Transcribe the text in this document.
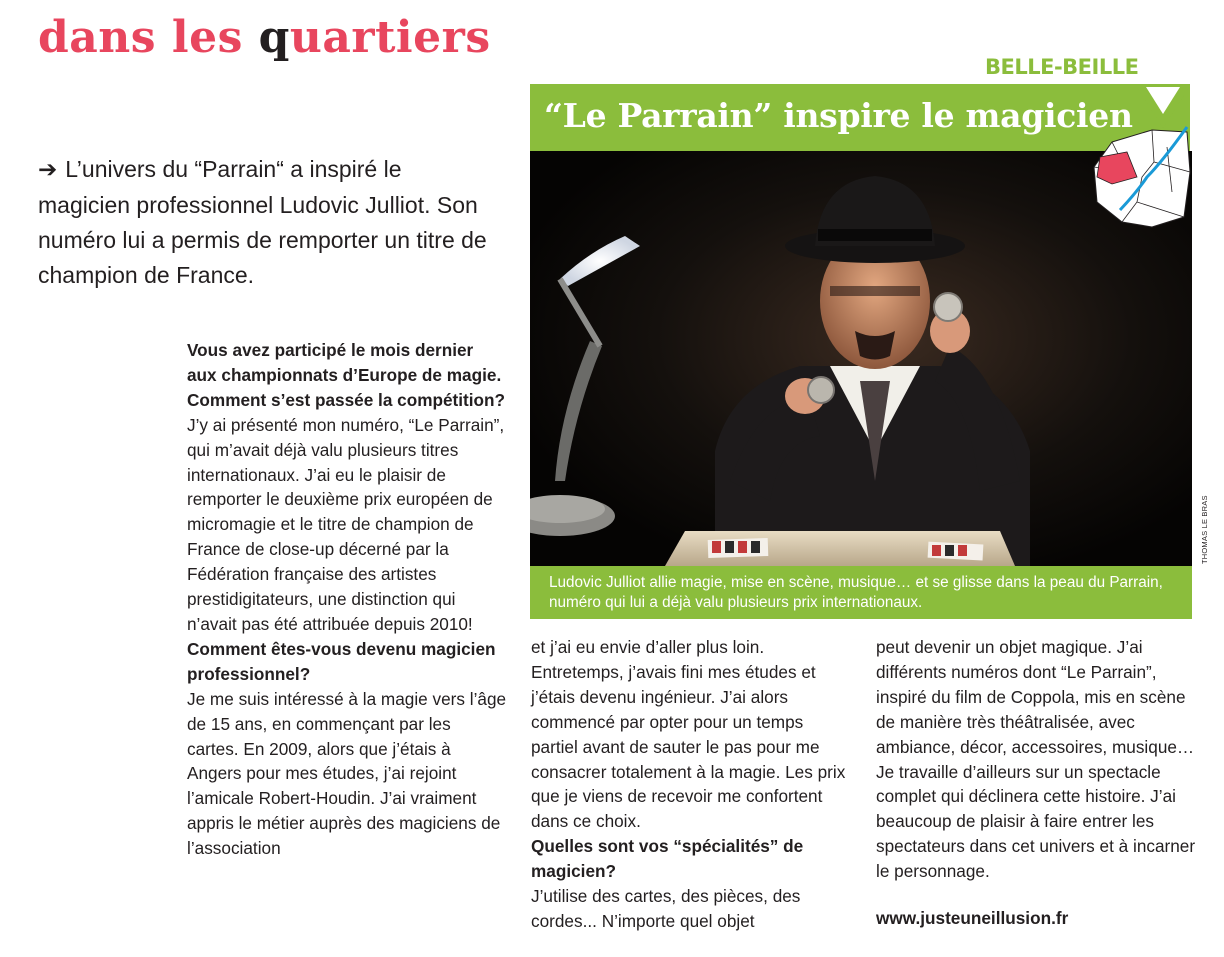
dans les quartiers

➔ L’univers du “Parrain“ a inspiré le magicien professionnel Ludovic Julliot. Son numéro lui a permis de remporter un titre de champion de France.

BELLE-BEILLE
“Le Parrain” inspire le magicien
THOMAS LE BRAS
Ludovic Julliot allie magie, mise en scène, musique… et se glisse dans la peau du Parrain, numéro qui lui a déjà valu plusieurs prix internationaux.

Vous avez participé le mois dernier aux championnats d’Europe de magie. Comment s’est passée la compétition?

J’y ai présenté mon numéro, “Le Parrain”, qui m’avait déjà valu plusieurs titres internationaux. J’ai eu le plaisir de remporter le deuxième prix européen de micromagie et le titre de champion de France de close-up décerné par la Fédération française des artistes prestidigitateurs, une distinction qui n’avait pas été attribuée depuis 2010!

Comment êtes-vous devenu magicien professionnel?

Je me suis intéressé à la magie vers l’âge de 15 ans, en commençant par les cartes. En 2009, alors que j’étais à Angers pour mes études, j’ai rejoint l’amicale Robert-Houdin. J’ai vraiment appris le métier auprès des magiciens de l’association

et j’ai eu envie d’aller plus loin. Entretemps, j’avais fini mes études et j’étais devenu ingénieur. J’ai alors commencé par opter pour un temps partiel avant de sauter le pas pour me consacrer totalement à la magie. Les prix que je viens de recevoir me confortent dans ce choix.

Quelles sont vos “spécialités” de magicien?

J’utilise des cartes, des pièces, des cordes... N’importe quel objet

peut devenir un objet magique. J’ai différents numéros dont “Le Parrain”, inspiré du film de Coppola, mis en scène de manière très théâtralisée, avec ambiance, décor, accessoires, musique… Je travaille d’ailleurs sur un spectacle complet qui déclinera cette histoire. J’ai beaucoup de plaisir à faire entrer les spectateurs dans cet univers et à incarner le personnage.

www.justeuneillusion.fr
